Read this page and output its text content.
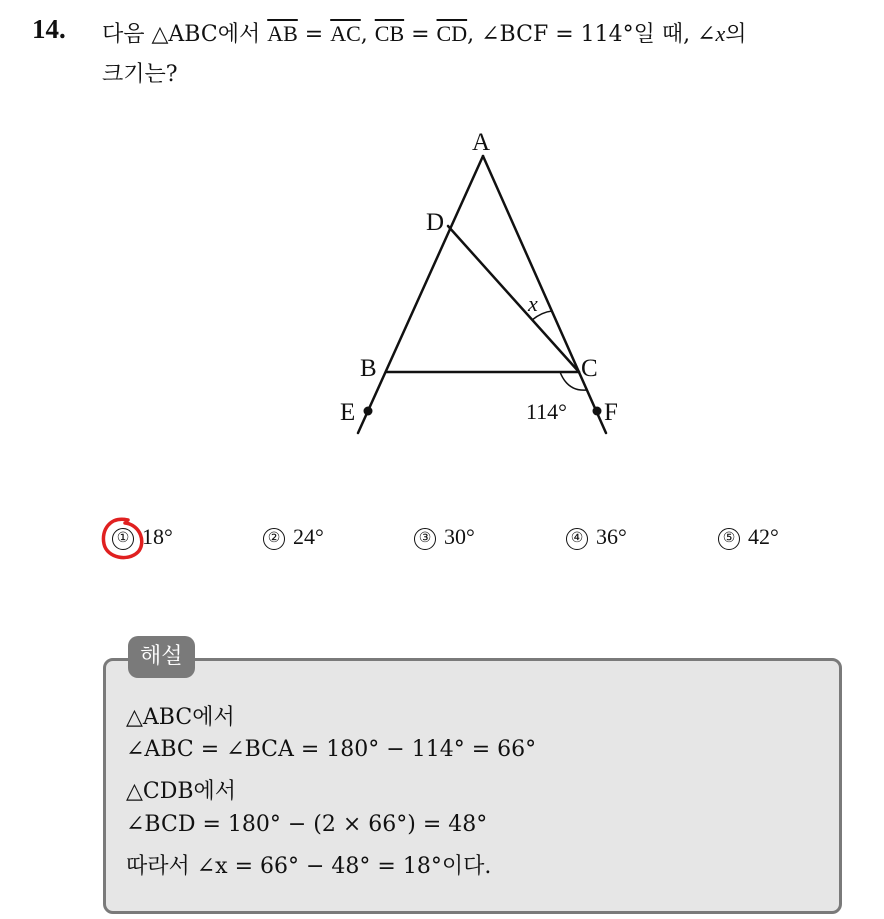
14. 다음 △ABC에서 $\overline{AB} = \overline{AC}$, $\overline{CB} = \overline{CD}$, ∠BCF = 114°일 때, ∠x의
크기는?
A
D
B	C
E	F
x
114°
① 18°	② 24°	③ 30°	④ 36°	⑤ 42°
해설
△ABC에서
∠ABC = ∠BCA = 180° − 114° = 66°
△CDB에서
∠BCD = 180° − (2 × 66°) = 48°
따라서 ∠x = 66° − 48° = 18°이다.
